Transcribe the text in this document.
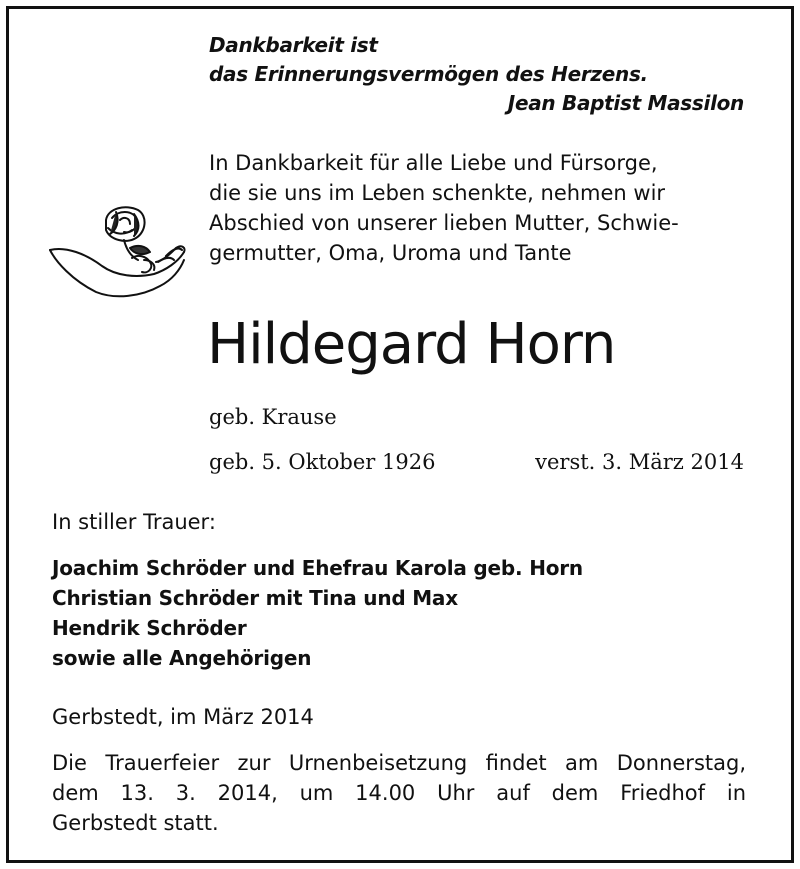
Dankbarkeit ist
das Erinnerungsvermögen des Herzens.
Jean Baptist Massilon
In Dankbarkeit für alle Liebe und Fürsorge,
die sie uns im Leben schenkte, nehmen wir
Abschied von unserer lieben Mutter, Schwie-
germutter, Oma, Uroma und Tante
Hildegard Horn
geb. Krause
geb. 5. Oktober 1926	verst. 3. März 2014
In stiller Trauer:
Joachim Schröder und Ehefrau Karola geb. Horn
Christian Schröder mit Tina und Max
Hendrik Schröder
sowie alle Angehörigen
Gerbstedt, im März 2014
Die Trauerfeier zur Urnenbeisetzung findet am Donnerstag,
dem 13. 3. 2014, um 14.00 Uhr auf dem Friedhof in
Gerbstedt statt.
